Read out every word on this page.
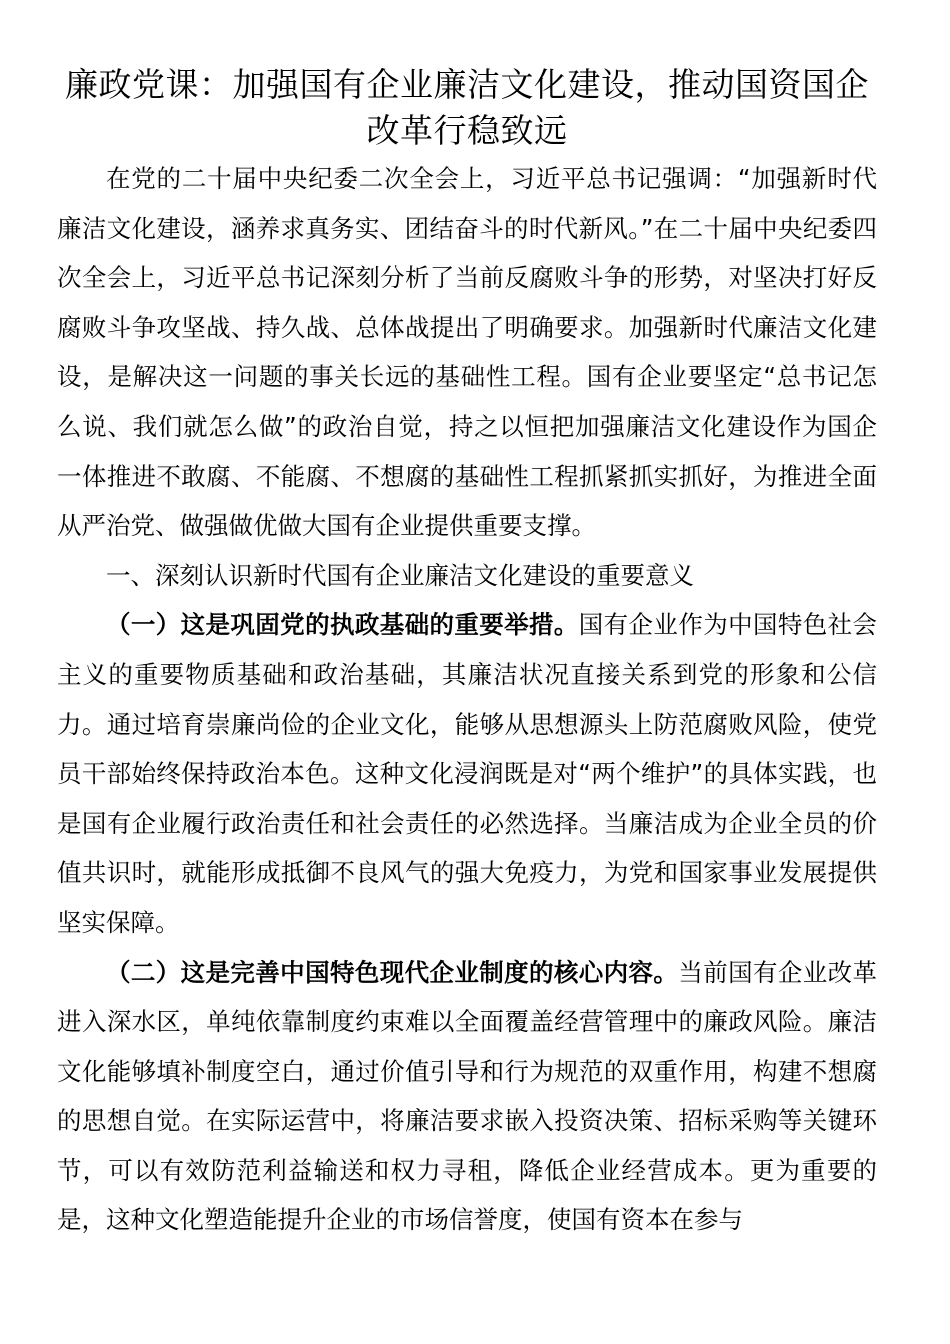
廉政党课：加强国有企业廉洁文化建设，推动国资国企改革行稳致远

在党的二十届中央纪委二次全会上，习近平总书记强调：“加强新时代廉洁文化建设，涵养求真务实、团结奋斗的时代新风。”在二十届中央纪委四次全会上，习近平总书记深刻分析了当前反腐败斗争的形势，对坚决打好反腐败斗争攻坚战、持久战、总体战提出了明确要求。加强新时代廉洁文化建设，是解决这一问题的事关长远的基础性工程。国有企业要坚定“总书记怎么说、我们就怎么做”的政治自觉，持之以恒把加强廉洁文化建设作为国企一体推进不敢腐、不能腐、不想腐的基础性工程抓紧抓实抓好，为推进全面从严治党、做强做优做大国有企业提供重要支撑。

一、深刻认识新时代国有企业廉洁文化建设的重要意义

（一）这是巩固党的执政基础的重要举措。国有企业作为中国特色社会主义的重要物质基础和政治基础，其廉洁状况直接关系到党的形象和公信力。通过培育崇廉尚俭的企业文化，能够从思想源头上防范腐败风险，使党员干部始终保持政治本色。这种文化浸润既是对“两个维护”的具体实践，也是国有企业履行政治责任和社会责任的必然选择。当廉洁成为企业全员的价值共识时，就能形成抵御不良风气的强大免疫力，为党和国家事业发展提供坚实保障。

（二）这是完善中国特色现代企业制度的核心内容。当前国有企业改革进入深水区，单纯依靠制度约束难以全面覆盖经营管理中的廉政风险。廉洁文化能够填补制度空白，通过价值引导和行为规范的双重作用，构建不想腐的思想自觉。在实际运营中，将廉洁要求嵌入投资决策、招标采购等关键环节，可以有效防范利益输送和权力寻租，降低企业经营成本。更为重要的是，这种文化塑造能提升企业的市场信誉度，使国有资本在参与
